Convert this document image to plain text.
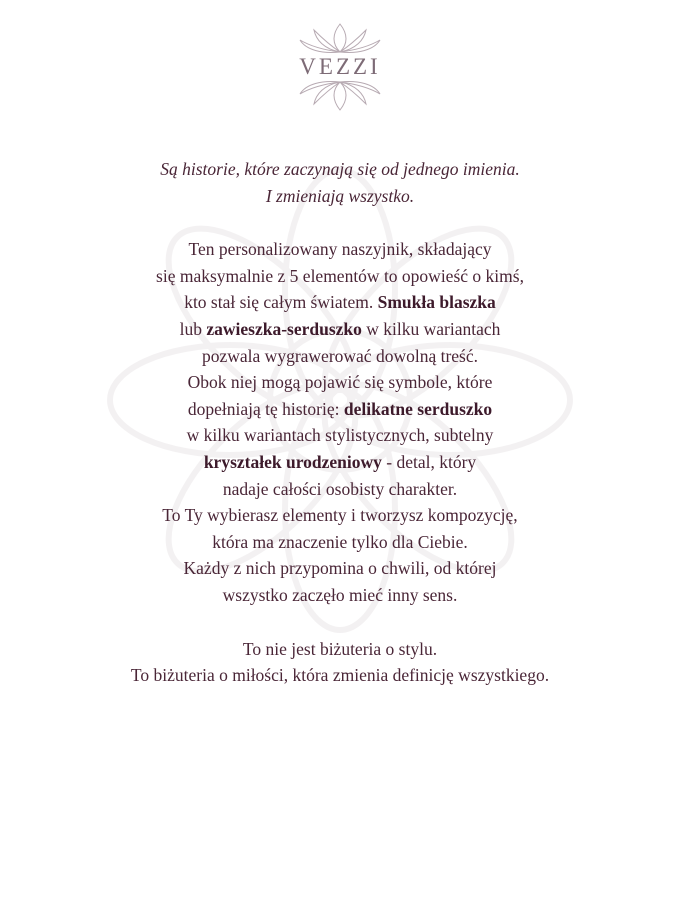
VEZZI

Są historie, które zaczynają się od jednego imienia.

I zmieniają wszystko.

Ten personalizowany naszyjnik, składający

się maksymalnie z 5 elementów to opowieść o kimś,

kto stał się całym światem. Smukła blaszka

lub zawieszka-serduszko w kilku wariantach

pozwala wygrawerować dowolną treść.

Obok niej mogą pojawić się symbole, które

dopełniają tę historię: delikatne serduszko

w kilku wariantach stylistycznych, subtelny

kryształek urodzeniowy - detal, który

nadaje całości osobisty charakter.

To Ty wybierasz elementy i tworzysz kompozycję,

która ma znaczenie tylko dla Ciebie.

Każdy z nich przypomina o chwili, od której

wszystko zaczęło mieć inny sens.

To nie jest biżuteria o stylu.

To biżuteria o miłości, która zmienia definicję wszystkiego.
